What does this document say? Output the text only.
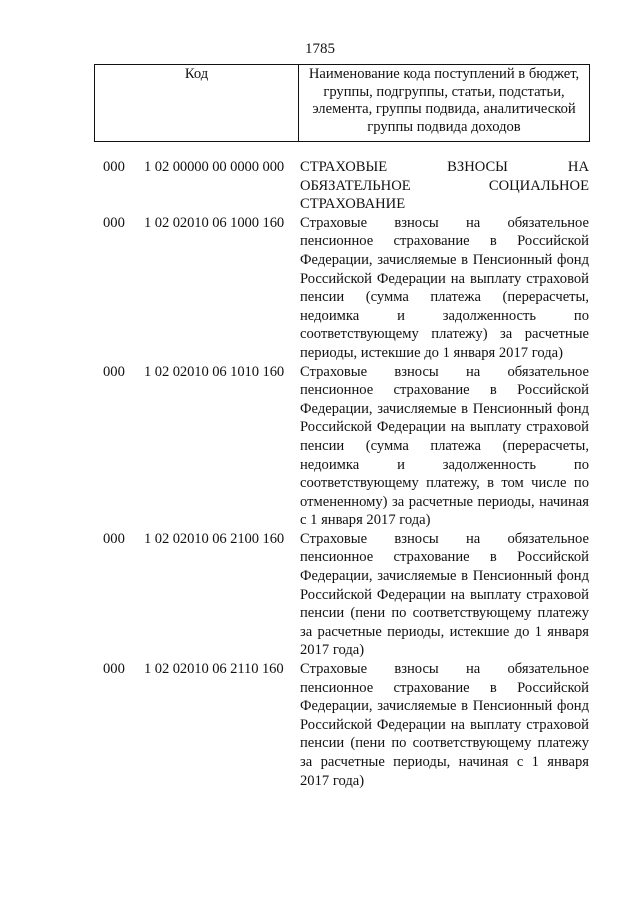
1785
Код	Наименование кода поступлений в бюджет, группы, подгруппы, статьи, подстатьи, элемента, группы подвида, аналитической группы подвида доходов
000	1 02 00000 00 0000 000	СТРАХОВЫЕ ВЗНОСЫ НА ОБЯЗАТЕЛЬНОЕ СОЦИАЛЬНОЕ СТРАХОВАНИЕ
000	1 02 02010 06 1000 160	Страховые взносы на обязательное пенсионное страхование в Российской Федерации, зачисляемые в Пенсионный фонд Российской Федерации на выплату страховой пенсии (сумма платежа (перерасчеты, недоимка и задолженность по соответствующему платежу) за расчетные периоды, истекшие до 1 января 2017 года)
000	1 02 02010 06 1010 160	Страховые взносы на обязательное пенсионное страхование в Российской Федерации, зачисляемые в Пенсионный фонд Российской Федерации на выплату страховой пенсии (сумма платежа (перерасчеты, недоимка и задолженность по соответствующему платежу, в том числе по отмененному) за расчетные периоды, начиная с 1 января 2017 года)
000	1 02 02010 06 2100 160	Страховые взносы на обязательное пенсионное страхование в Российской Федерации, зачисляемые в Пенсионный фонд Российской Федерации на выплату страховой пенсии (пени по соответствующему платежу за расчетные периоды, истекшие до 1 января 2017 года)
000	1 02 02010 06 2110 160	Страховые взносы на обязательное пенсионное страхование в Российской Федерации, зачисляемые в Пенсионный фонд Российской Федерации на выплату страховой пенсии (пени по соответствующему платежу за расчетные периоды, начиная с 1 января 2017 года)
